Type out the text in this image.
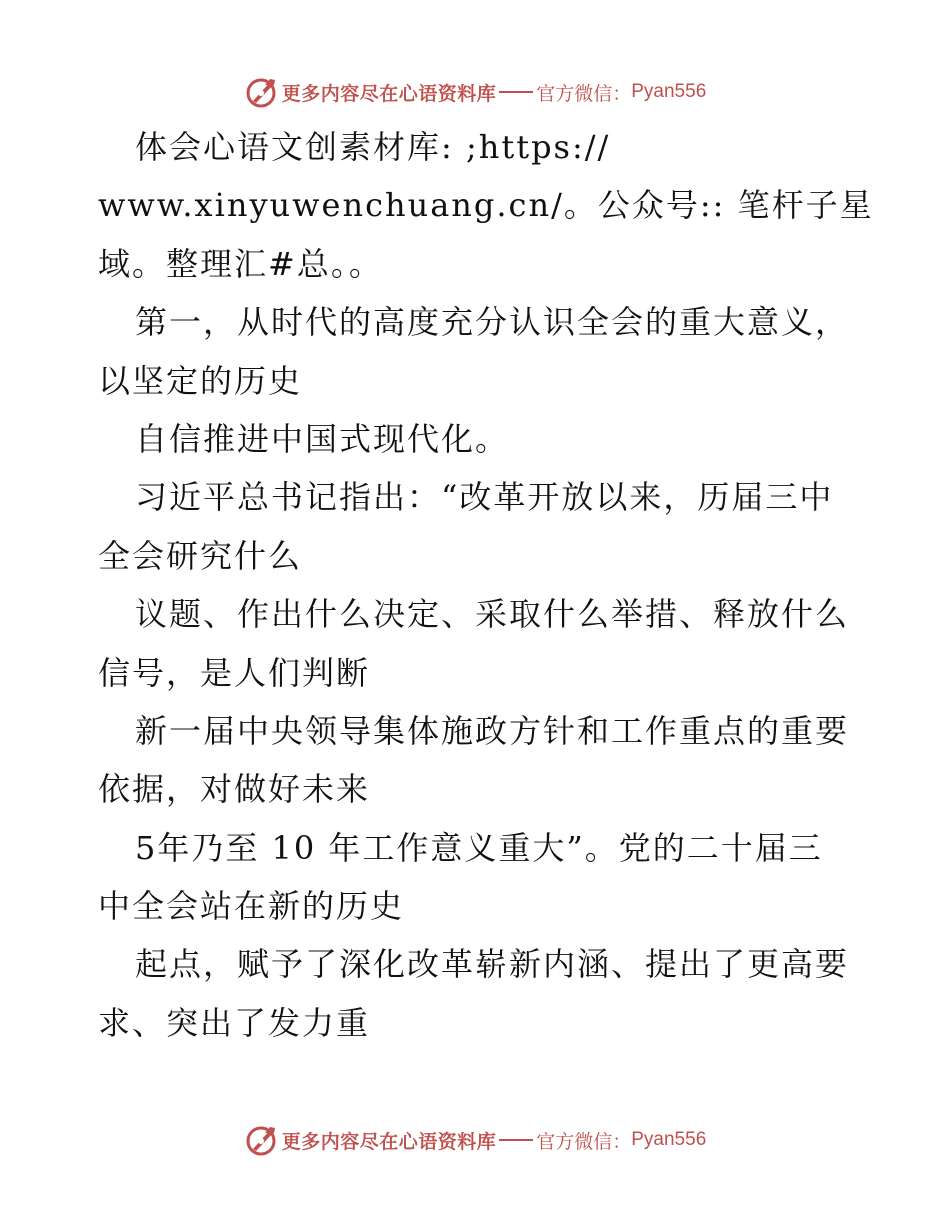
更多内容尽在心语资料库 官方微信： Pyan556
体会心语文创素材库: ;https://
www.xinyuwenchuang.cn/。公众号:: 笔杆子星
域。整理汇#总。。
第一，从时代的高度充分认识全会的重大意义，
以坚定的历史
自信推进中国式现代化。
习近平总书记指出：“改革开放以来，历届三中
全会研究什么
议题、作出什么决定、采取什么举措、释放什么
信号，是人们判断
新一届中央领导集体施政方针和工作重点的重要
依据，对做好未来
5年乃至 10 年工作意义重大”。党的二十届三
中全会站在新的历史
起点，赋予了深化改革崭新内涵、提出了更高要
求、突出了发力重
更多内容尽在心语资料库 官方微信： Pyan556
